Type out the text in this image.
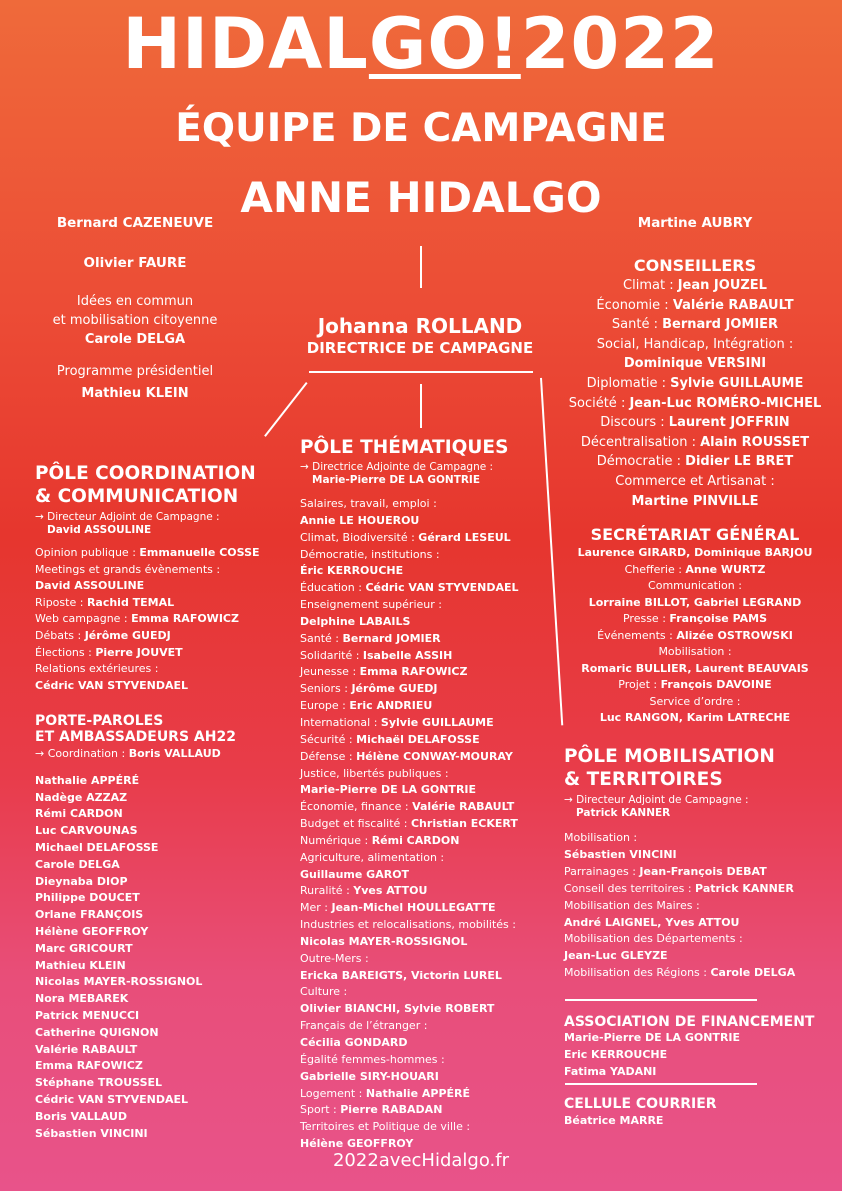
HIDALGO!2022
ÉQUIPE DE CAMPAGNE
ANNE HIDALGO
Bernard CAZENEUVE
Olivier FAURE
Idées en commun
et mobilisation citoyenne
Carole DELGA
Programme présidentiel
Mathieu KLEIN
Martine AUBRY
Johanna ROLLAND
DIRECTRICE DE CAMPAGNE
CONSEILLERS
Climat : Jean JOUZEL
Économie : Valérie RABAULT
Santé : Bernard JOMIER
Social, Handicap, Intégration :
Dominique VERSINI
Diplomatie : Sylvie GUILLAUME
Société : Jean-Luc ROMÉRO-MICHEL
Discours : Laurent JOFFRIN
Décentralisation : Alain ROUSSET
Démocratie : Didier LE BRET
Commerce et Artisanat :
Martine PINVILLE
SECRÉTARIAT GÉNÉRAL
Laurence GIRARD, Dominique BARJOU
Chefferie : Anne WURTZ
Communication :
Lorraine BILLOT, Gabriel LEGRAND
Presse : Françoise PAMS
Événements : Alizée OSTROWSKI
Mobilisation :
Romaric BULLIER, Laurent BEAUVAIS
Projet : François DAVOINE
Service d’ordre :
Luc RANGON, Karim LATRECHE
PÔLE COORDINATION
& COMMUNICATION
→ Directeur Adjoint de Campagne :
David ASSOULINE
Opinion publique : Emmanuelle COSSE
Meetings et grands évènements :
David ASSOULINE
Riposte : Rachid TEMAL
Web campagne : Emma RAFOWICZ
Débats : Jérôme GUEDJ
Élections : Pierre JOUVET
Relations extérieures :
Cédric VAN STYVENDAEL
PORTE-PAROLES
ET AMBASSADEURS AH22
→ Coordination : Boris VALLAUD
Nathalie APPÉRÉ
Nadège AZZAZ
Rémi CARDON
Luc CARVOUNAS
Michael DELAFOSSE
Carole DELGA
Dieynaba DIOP
Philippe DOUCET
Orlane FRANÇOIS
Hélène GEOFFROY
Marc GRICOURT
Mathieu KLEIN
Nicolas MAYER-ROSSIGNOL
Nora MEBAREK
Patrick MENUCCI
Catherine QUIGNON
Valérie RABAULT
Emma RAFOWICZ
Stéphane TROUSSEL
Cédric VAN STYVENDAEL
Boris VALLAUD
Sébastien VINCINI
PÔLE THÉMATIQUES
→ Directrice Adjointe de Campagne :
Marie-Pierre DE LA GONTRIE
Salaires, travail, emploi :
Annie LE HOUEROU
Climat, Biodiversité : Gérard LESEUL
Démocratie, institutions :
Éric KERROUCHE
Éducation : Cédric VAN STYVENDAEL
Enseignement supérieur :
Delphine LABAILS
Santé : Bernard JOMIER
Solidarité : Isabelle ASSIH
Jeunesse : Emma RAFOWICZ
Seniors : Jérôme GUEDJ
Europe : Eric ANDRIEU
International : Sylvie GUILLAUME
Sécurité : Michaël DELAFOSSE
Défense : Hélène CONWAY-MOURAY
Justice, libertés publiques :
Marie-Pierre DE LA GONTRIE
Économie, finance : Valérie RABAULT
Budget et fiscalité : Christian ECKERT
Numérique : Rémi CARDON
Agriculture, alimentation :
Guillaume GAROT
Ruralité : Yves ATTOU
Mer : Jean-Michel HOULLEGATTE
Industries et relocalisations, mobilités :
Nicolas MAYER-ROSSIGNOL
Outre-Mers :
Ericka BAREIGTS, Victorin LUREL
Culture :
Olivier BIANCHI, Sylvie ROBERT
Français de l’étranger :
Cécilia GONDARD
Égalité femmes-hommes :
Gabrielle SIRY-HOUARI
Logement : Nathalie APPÉRÉ
Sport : Pierre RABADAN
Territoires et Politique de ville :
Hélène GEOFFROY
PÔLE MOBILISATION
& TERRITOIRES
→ Directeur Adjoint de Campagne :
Patrick KANNER
Mobilisation :
Sébastien VINCINI
Parrainages : Jean-François DEBAT
Conseil des territoires : Patrick KANNER
Mobilisation des Maires :
André LAIGNEL, Yves ATTOU
Mobilisation des Départements :
Jean-Luc GLEYZE
Mobilisation des Régions : Carole DELGA
ASSOCIATION DE FINANCEMENT
Marie-Pierre DE LA GONTRIE
Eric KERROUCHE
Fatima YADANI
CELLULE COURRIER
Béatrice MARRE
2022avecHidalgo.fr
